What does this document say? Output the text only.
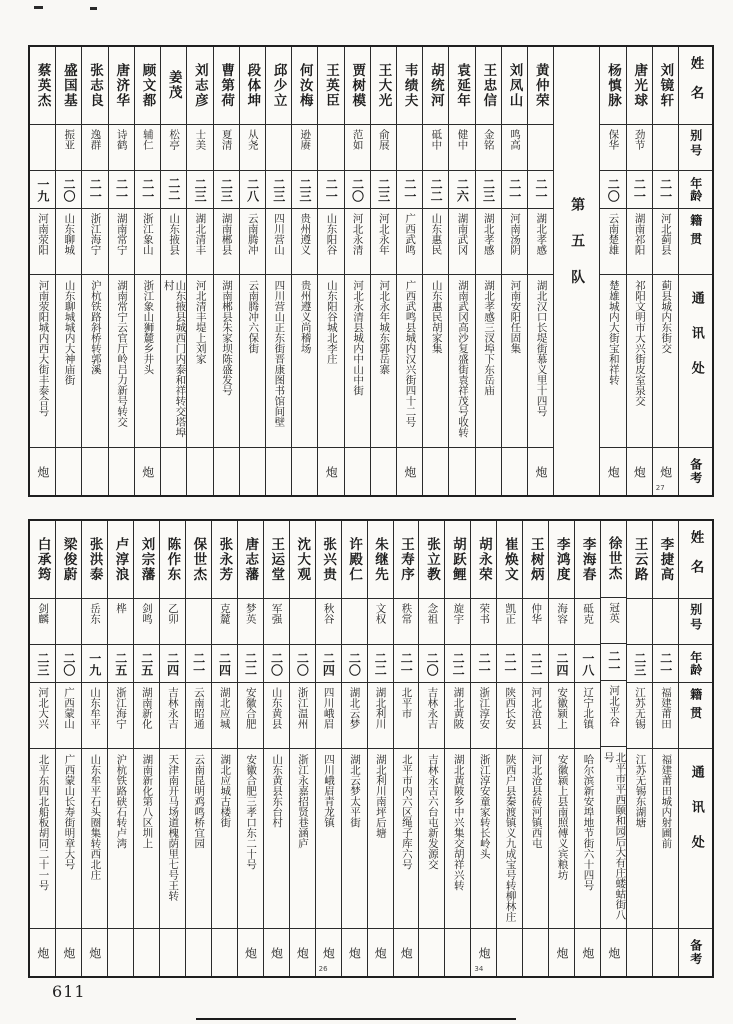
姓名
别号
年龄
籍贯
通讯处
备考
刘镜轩
二一
河北蓟县
蓟县城内东街交
炮
27
唐光球
劲节
二一
湖南祁阳
祁阳文明市大兴街皮室泉交
炮
杨慎脉
保华
二〇
云南楚雄
楚雄城内大街宝和祥转
炮
第五队
黄仲荣
二一
湖北孝感
湖北汉口长堤街慕义里十四号
炮
刘凤山
鸣高
二一
河南汤阴
河南安阳任固集
王忠信
金铭
二三
湖北孝感
湖北孝感三汊埠下东岳庙
袁延年
健中
二六
湖南武冈
湖南武冈高沙复盛街袁祥茂号收转
胡统河
砥中
二二
山东惠民
山东惠民胡家集
韦绩夫
二一
广西武鸣
广西武鸣县城内汉兴街四十二号
炮
王大光
俞展
二三
河北永年
河北永年城东郭岳寨
贾树模
范如
二〇
河北永清
河北永清县城内中山中街
王英臣
二一
山东阳谷
山东阳谷城北李庄
炮
何汝梅
逊赓
二三
贵州遵义
贵州遵义尚稽场
邱少立
二三
四川营山
四川营山正东街晋康图书馆间壁
段体坤
从尧
二八
云南腾冲
云南腾冲六保街
曹第荷
夏清
二三
湖南郴县
湖南郴县朱家坝陈盛发号
刘志彦
士美
二三
湖北清丰
河北清丰堤上刘家
姜茂
松亭
二二
山东掖县
山东掖县城西门内泰和祥转交塔埠村
顾文都
辅仁
二一
浙江象山
浙江象山狮麓乡井头
炮
唐济华
诗鹤
二一
湖南常宁
湖南常宁云官厅岭吕力新号转交
张志良
逸群
二一
浙江海宁
沪杭铁路斜桥转郭溪
盛国基
振亚
二〇
山东聊城
山东聊城城内大神庙街
蔡英杰
一九
河南荥阳
河南荥阳城内西大街丰泰合号
炮
姓名
别号
年龄
籍贯
通讯处
备考
李捷高
二一
福建莆田
福建莆田城内射圃前
王云路
二三
江苏无锡
江苏无锡东湖塘
徐世杰
冠英
二一
河北平谷
北平市平西颐和园后大有庄蝼蛄街八号
炮
李海春
砥克
一八
辽宁北镇
哈尔滨新安埠地节街六十四号
炮
李鸿度
海容
二四
安徽颍上
安徽颍上县南照傅义宾粮坊
炮
王树炳
仲华
二二
河北沧县
河北沧县砖河镇西屯
崔焕文
凯正
二一
陕西长安
陕西户县秦渡镇义九成宝号转柳林庄
胡永荣
荣书
二一
浙江淳安
浙江淳安童家转长岭头
炮
34
胡跃鲤
旋宇
二二
湖北黄陂
湖北黄陂乡中兴集交胡祥兴转
张立教
念祖
二〇
吉林永吉
吉林永吉六台屯新发源交
王寿序
秩常
二一
北平市
北平市内六区绳子库六号
炮
朱继先
文权
二二
湖北利川
湖北利川南坪后塘
炮
许殿仁
二〇
湖北云梦
湖北云梦太平街
炮
张兴贵
秋谷
二四
四川峨眉
四川峨眉青龙镇
炮
26
沈大观
二〇
浙江温州
浙江永嘉招贤巷涵庐
炮
王运堂
军强
二〇
山东黄县
山东黄县东台村
炮
唐志藩
梦英
二二
安徽合肥
安徽合肥三孝口东二十号
炮
张永芳
克麓
二四
湖北应城
湖北应城古楼街
保世杰
二一
云南昭通
云南昆明鸡鸣桥宜园
陈作东
乙卯
二四
吉林永吉
天津南开马场道槐荫里七号王转
刘宗藩
剑鸣
二五
湖南新化
湖南新化第八区圳上
卢淳浪
桦
二五
浙江海宁
沪杭铁路硖石转卢湾
张洪泰
岳东
一九
山东牟平
山东牟平石头圈集转西北庄
炮
梁俊蔚
二〇
广西蒙山
广西蒙山长寿街明章大号
炮
白承筠
剑麟
二三
河北大兴
北平东四北船板胡同二十一号
炮
611
